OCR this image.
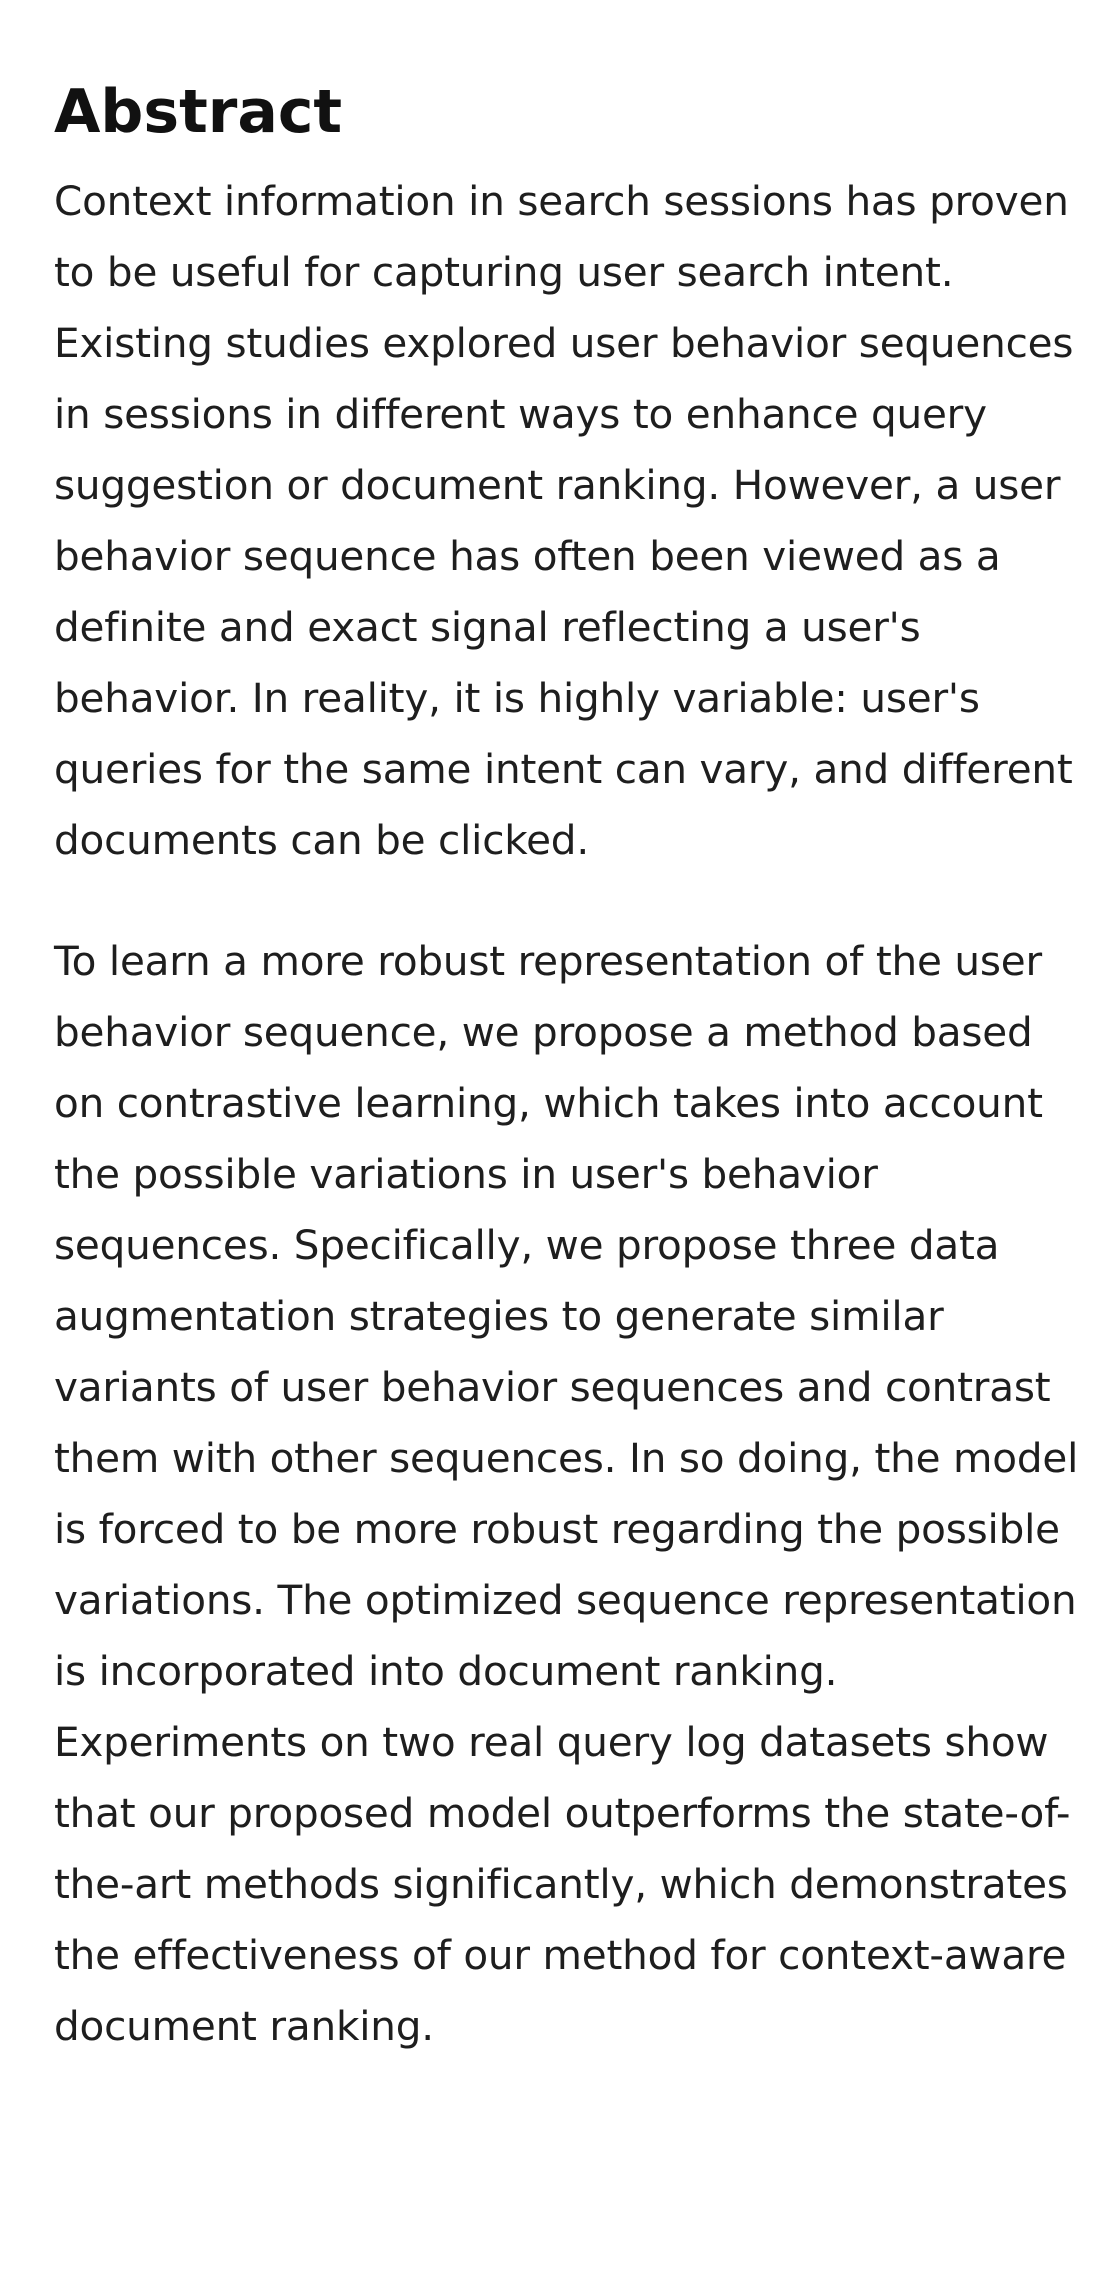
Abstract

Context information in search sessions has proven to be useful for capturing user search intent. Existing studies explored user behavior sequences in sessions in different ways to enhance query suggestion or document ranking. However, a user behavior sequence has often been viewed as a definite and exact signal reflecting a user's behavior. In reality, it is highly variable: user's queries for the same intent can vary, and different documents can be clicked.

To learn a more robust representation of the user behavior sequence, we propose a method based on contrastive learning, which takes into account the possible variations in user's behavior sequences. Specifically, we propose three data augmentation strategies to generate similar variants of user behavior sequences and contrast them with other sequences. In so doing, the model is forced to be more robust regarding the possible variations. The optimized sequence representation is incorporated into document ranking. Experiments on two real query log datasets show that our proposed model outperforms the state-of-the-art methods significantly, which demonstrates the effectiveness of our method for context-aware document ranking.
